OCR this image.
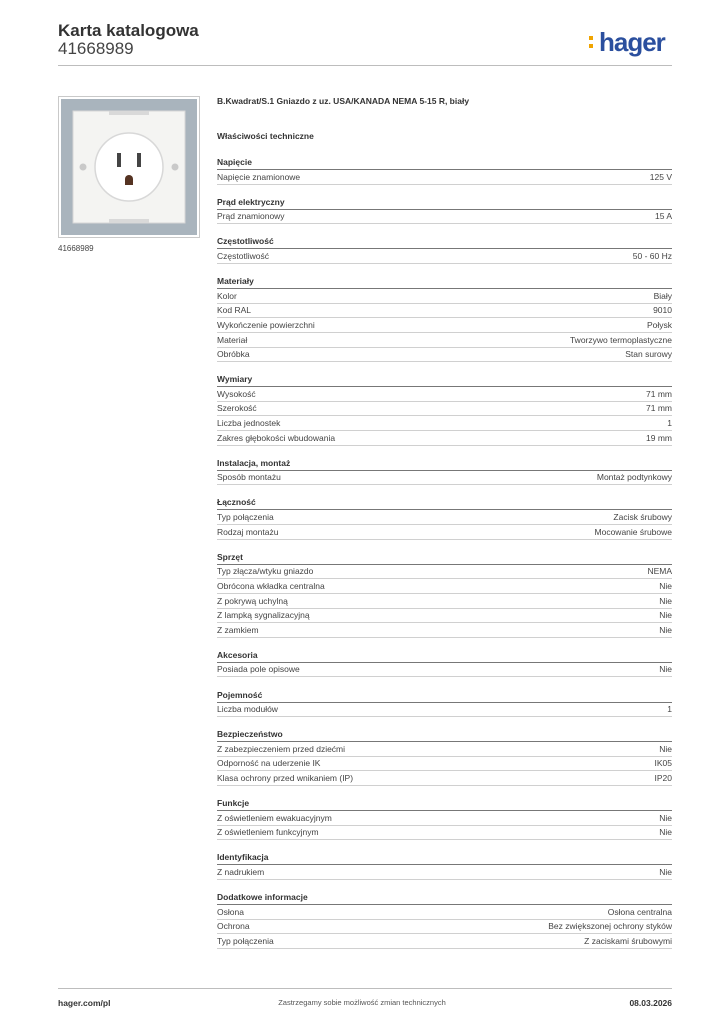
Karta katalogowa
41668989	hager
41668989
B.Kwadrat/S.1 Gniazdo z uz. USA/KANADA NEMA 5-15 R, biały
Właściwości techniczne
Napięcie
Napięcie znamionowe	125 V
Prąd elektryczny
Prąd znamionowy	15 A
Częstotliwość
Częstotliwość	50 - 60 Hz
Materiały
Kolor	Biały
Kod RAL	9010
Wykończenie powierzchni	Połysk
Materiał	Tworzywo termoplastyczne
Obróbka	Stan surowy
Wymiary
Wysokość	71 mm
Szerokość	71 mm
Liczba jednostek	1
Zakres głębokości wbudowania	19 mm
Instalacja, montaż
Sposób montażu	Montaż podtynkowy
Łączność
Typ połączenia	Zacisk śrubowy
Rodzaj montażu	Mocowanie śrubowe
Sprzęt
Typ złącza/wtyku gniazdo	NEMA
Obrócona wkładka centralna	Nie
Z pokrywą uchylną	Nie
Z lampką sygnalizacyjną	Nie
Z zamkiem	Nie
Akcesoria
Posiada pole opisowe	Nie
Pojemność
Liczba modułów	1
Bezpieczeństwo
Z zabezpieczeniem przed dziećmi	Nie
Odporność na uderzenie IK	IK05
Klasa ochrony przed wnikaniem (IP)	IP20
Funkcje
Z oświetleniem ewakuacyjnym	Nie
Z oświetleniem funkcyjnym	Nie
Identyfikacja
Z nadrukiem	Nie
Dodatkowe informacje
Osłona	Osłona centralna
Ochrona	Bez zwiększonej ochrony styków
Typ połączenia	Z zaciskami śrubowymi
hager.com/pl	Zastrzegamy sobie możliwość zmian technicznych	08.03.2026
